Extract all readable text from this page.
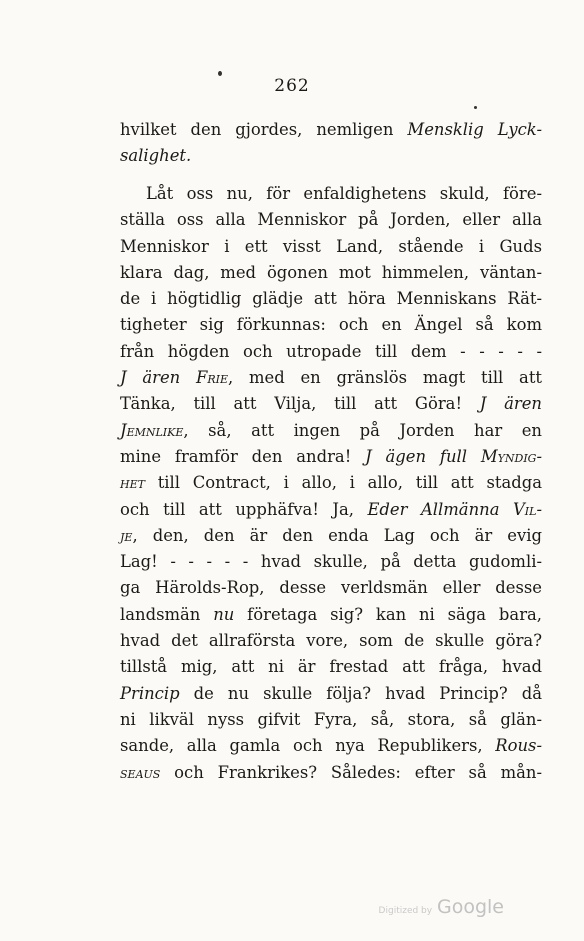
262
hvilket den gjordes, nemligen Mensklig Lyck-
salighet.
Låt oss nu, för enfaldighetens skuld, före-
ställa oss alla Menniskor på Jorden, eller alla
Menniskor i ett visst Land, stående i Guds
klara dag, med ögonen mot himmelen, väntan-
de i högtidlig glädje att höra Menniskans Rät-
tigheter sig förkunnas: och en Ängel så kom
från högden och utropade till dem - - - - -
J ären Frie, med en gränslös magt till att
Tänka, till att Vilja, till att Göra! J ären
Jemnlike, så, att ingen på Jorden har en
mine framför den andra! J ägen full Myndig-
het till Contract, i allo, i allo, till att stadga
och till att upphäfva! Ja, Eder Allmänna Vil-
je, den, den är den enda Lag och är evig
Lag! - - - - - hvad skulle, på detta gudomli-
ga Härolds-Rop, desse verldsmän eller desse
landsmän nu företaga sig? kan ni säga bara,
hvad det allraförsta vore, som de skulle göra?
tillstå mig, att ni är frestad att fråga, hvad
Princip de nu skulle följa? hvad Princip? då
ni likväl nyss gifvit Fyra, så, stora, så glän-
sande, alla gamla och nya Republikers, Rous-
seaus och Frankrikes? Således: efter så mån-
Digitized by Google
